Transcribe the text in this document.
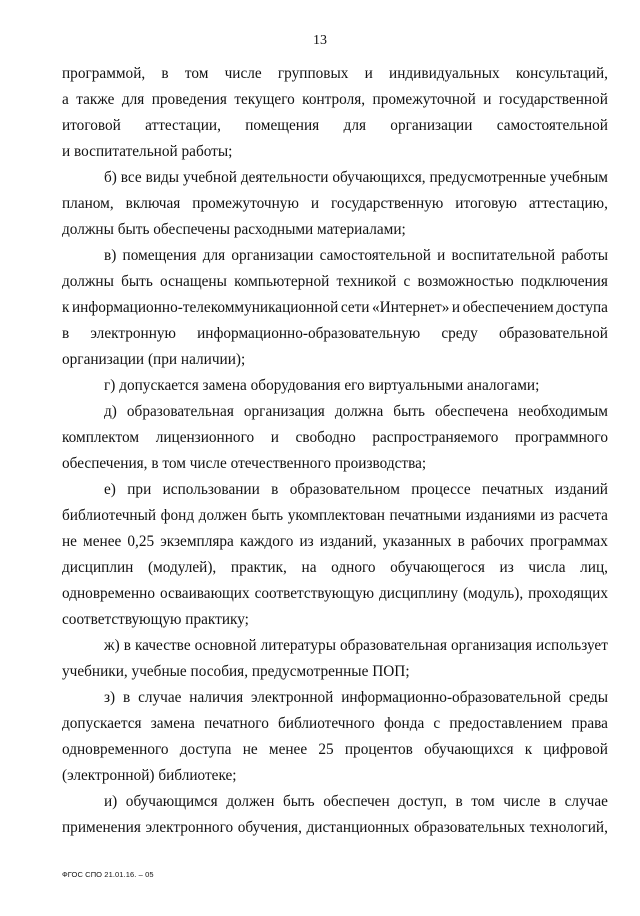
13
программой, в том числе групповых и индивидуальных консультаций,
а также для проведения текущего контроля, промежуточной и государственной
итоговой аттестации, помещения для организации самостоятельной
и воспитательной работы;
б) все виды учебной деятельности обучающихся, предусмотренные учебным
планом, включая промежуточную и государственную итоговую аттестацию,
должны быть обеспечены расходными материалами;
в) помещения для организации самостоятельной и воспитательной работы
должны быть оснащены компьютерной техникой с возможностью подключения
к информационно-телекоммуникационной сети «Интернет» и обеспечением доступа
в электронную информационно-образовательную среду образовательной
организации (при наличии);
г) допускается замена оборудования его виртуальными аналогами;
д) образовательная организация должна быть обеспечена необходимым
комплектом лицензионного и свободно распространяемого программного
обеспечения, в том числе отечественного производства;
е) при использовании в образовательном процессе печатных изданий
библиотечный фонд должен быть укомплектован печатными изданиями из расчета
не менее 0,25 экземпляра каждого из изданий, указанных в рабочих программах
дисциплин (модулей), практик, на одного обучающегося из числа лиц,
одновременно осваивающих соответствующую дисциплину (модуль), проходящих
соответствующую практику;
ж) в качестве основной литературы образовательная организация использует
учебники, учебные пособия, предусмотренные ПОП;
з) в случае наличия электронной информационно-образовательной среды
допускается замена печатного библиотечного фонда с предоставлением права
одновременного доступа не менее 25 процентов обучающихся к цифровой
(электронной) библиотеке;
и) обучающимся должен быть обеспечен доступ, в том числе в случае
применения электронного обучения, дистанционных образовательных технологий,
ФГОС СПО 21.01.16. – 05
